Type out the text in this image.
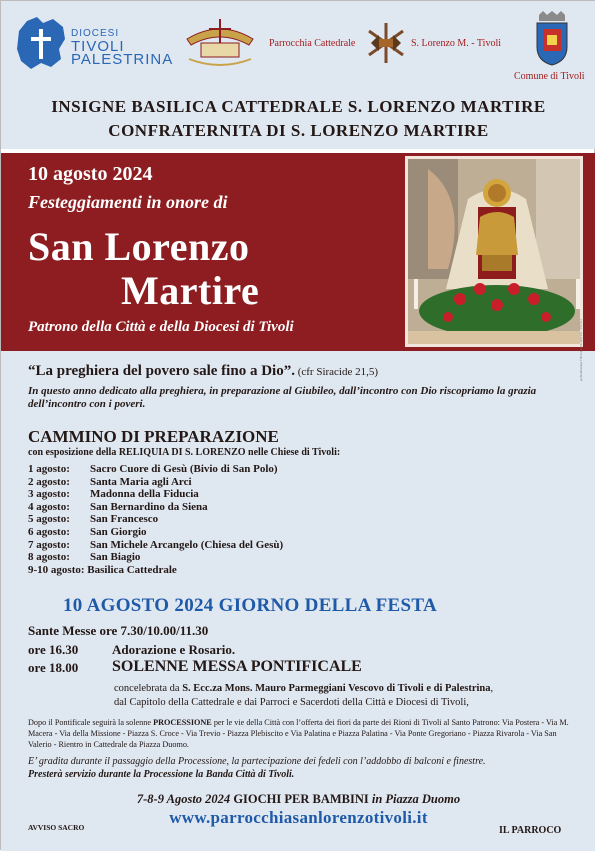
DIOCESI
TIVOLI
PALESTRINA
Parrocchia Cattedrale	S. Lorenzo M. - Tivoli
Comune di Tivoli
INSIGNE BASILICA CATTEDRALE S. LORENZO MARTIRE
CONFRATERNITA DI S. LORENZO MARTIRE
10 agosto 2024
Festeggiamenti in onore di
San Lorenzo
Martire
Patrono della Città e della Diocesi di Tivoli
“La preghiera del povero sale fino a Dio”. (cfr Siracide 21,5)
In questo anno dedicato alla preghiera, in preparazione al Giubileo, dall’incontro con Dio riscopriamo la grazia dell’incontro con i poveri.
grafica&stampa TIPOGRAFIA MATTEI - TIVOLI
CAMMINO DI PREPARAZIONE
con esposizione della RELIQUIA DI S. LORENZO nelle Chiese di Tivoli:
1 agosto: Sacro Cuore di Gesù (Bivio di San Polo)
2 agosto: Santa Maria agli Arci
3 agosto: Madonna della Fiducia
4 agosto: San Bernardino da Siena
5 agosto: San Francesco
6 agosto: San Giorgio
7 agosto: San Michele Arcangelo (Chiesa del Gesù)
8 agosto: San Biagio
9-10 agosto: Basilica Cattedrale
10 AGOSTO 2024 GIORNO DELLA FESTA
Sante Messe ore 7.30/10.00/11.30
ore 16.30	Adorazione e Rosario.
ore 18.00 SOLENNE MESSA PONTIFICALE
concelebrata da S. Ecc.za Mons. Mauro Parmeggiani Vescovo di Tivoli e di Palestrina,
dal Capitolo della Cattedrale e dai Parroci e Sacerdoti della Città e Diocesi di Tivoli,
Dopo il Pontificale seguirà la solenne PROCESSIONE per le vie della Città con l’offerta dei fiori da parte dei Rioni di Tivoli al Santo Patrono: Via Postera - Via M. Macera - Via della Missione - Piazza S. Croce - Via Trevio - Piazza Plebiscito e Via Palatina e Piazza Palatina - Via Ponte Gregoriano - Piazza Rivarola - Via San Valerio - Rientro in Cattedrale da Piazza Duomo.
E’ gradita durante il passaggio della Processione, la partecipazione dei fedeli con l’addobbo di balconi e finestre.
Presterà servizio durante la Processione la Banda Città di Tivoli.
7-8-9 Agosto 2024 GIOCHI PER BAMBINI in Piazza Duomo
www.parrocchiasanlorenzotivoli.it
AVVISO SACRO	IL PARROCO
